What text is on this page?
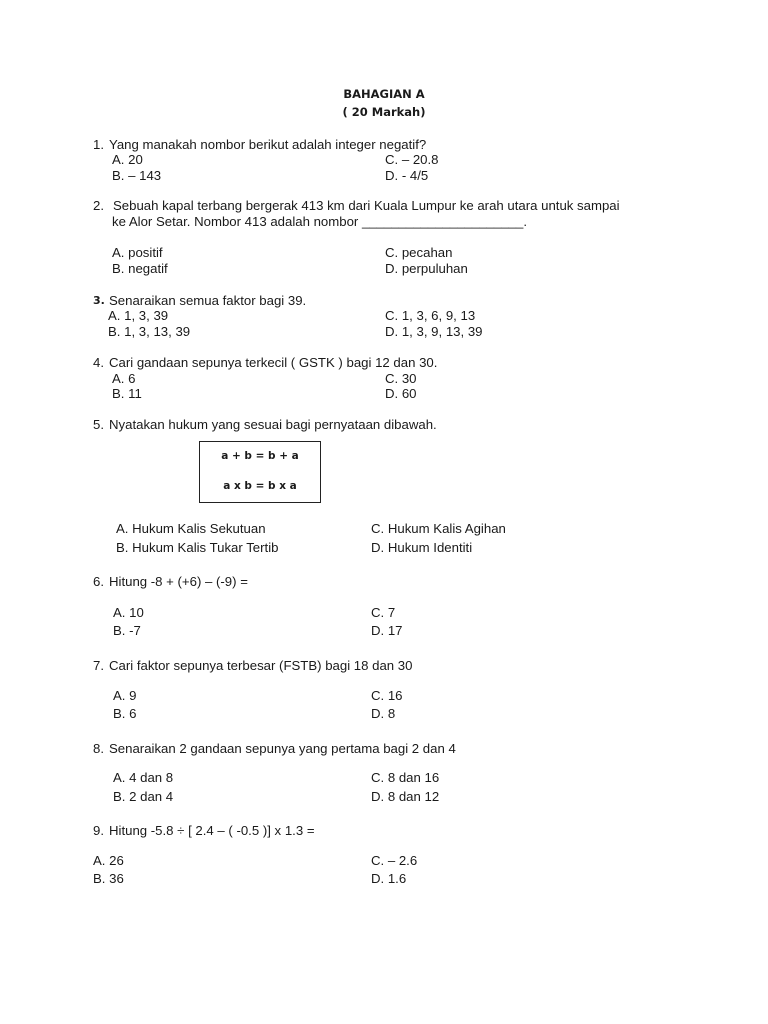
BAHAGIAN A
( 20 Markah)
1. Yang manakah nombor berikut adalah integer negatif?
A. 20
B. – 143
C. – 20.8
D. - 4/5
2. Sebuah kapal terbang bergerak 413 km dari Kuala Lumpur ke arah utara untuk sampai
ke Alor Setar. Nombor 413 adalah nombor ______________________.
A. positif
B. negatif
C. pecahan
D. perpuluhan
3. Senaraikan semua faktor bagi 39.
A. 1, 3, 39
B. 1, 3, 13, 39
C. 1, 3, 6, 9, 13
D. 1, 3, 9, 13, 39
4. Cari gandaan sepunya terkecil ( GSTK ) bagi 12 dan 30.
A. 6
B. 11
C. 30
D. 60
5. Nyatakan hukum yang sesuai bagi pernyataan dibawah.
a + b = b + a
a x b = b x a
A. Hukum Kalis Sekutuan
B. Hukum Kalis Tukar Tertib
C. Hukum Kalis Agihan
D. Hukum Identiti
6. Hitung -8 + (+6) – (-9) =
A. 10
B. -7
C. 7
D. 17
7. Cari faktor sepunya terbesar (FSTB) bagi 18 dan 30
A. 9
B. 6
C. 16
D. 8
8. Senaraikan 2 gandaan sepunya yang pertama bagi 2 dan 4
A. 4 dan 8
B. 2 dan 4
C. 8 dan 16
D. 8 dan 12
9. Hitung -5.8 ÷ [ 2.4 – ( -0.5 )] x 1.3 =
A. 26
B. 36
C. – 2.6
D. 1.6
